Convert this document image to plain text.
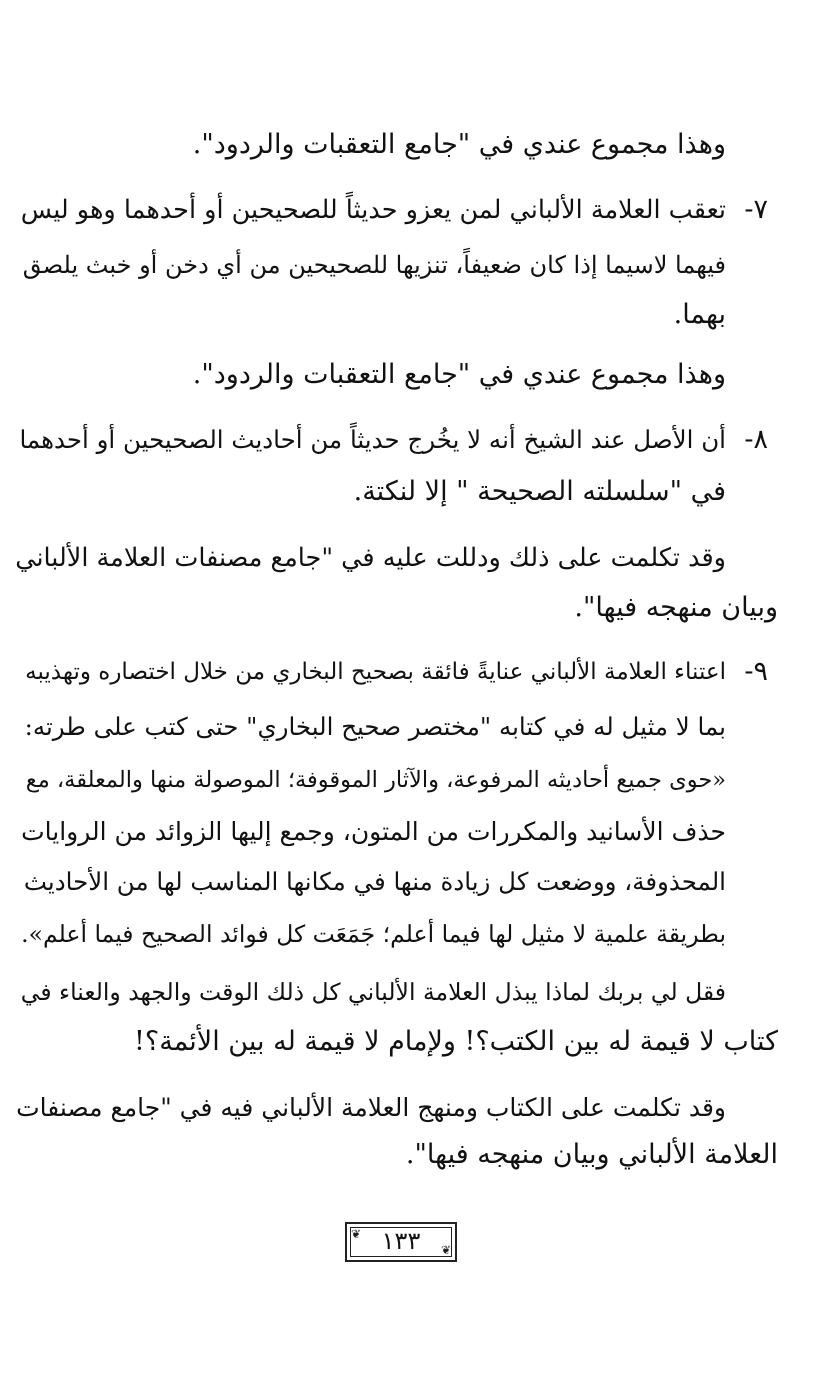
وهذا مجموع عندي في "جامع التعقبات والردود".
٧-
تعقب العلامة الألباني لمن يعزو حديثاً للصحيحين أو أحدهما وهو ليس
فيهما لاسيما إذا كان ضعيفاً، تنزيها للصحيحين من أي دخن أو خبث يلصق
بهما.
وهذا مجموع عندي في "جامع التعقبات والردود".
٨-
أن الأصل عند الشيخ أنه لا يخُرج حديثاً من أحاديث الصحيحين أو أحدهما
في "سلسلته الصحيحة " إلا لنكتة.
وقد تكلمت على ذلك ودللت عليه في "جامع مصنفات العلامة الألباني
وبيان منهجه فيها".
٩-
اعتناء العلامة الألباني عنايةً فائقة بصحيح البخاري من خلال اختصاره وتهذيبه
بما لا مثيل له في كتابه "مختصر صحيح البخاري" حتى كتب على طرته:
«حوى جميع أحاديثه المرفوعة، والآثار الموقوفة؛ الموصولة منها والمعلقة، مع
حذف الأسانيد والمكررات من المتون، وجمع إليها الزوائد من الروايات
المحذوفة، ووضعت كل زيادة منها في مكانها المناسب لها من الأحاديث
بطريقة علمية لا مثيل لها فيما أعلم؛ جَمَعَت كل فوائد الصحيح فيما أعلم».
فقل لي بربك لماذا يبذل العلامة الألباني كل ذلك الوقت والجهد والعناء في
كتاب لا قيمة له بين الكتب؟! ولإمام لا قيمة له بين الأئمة؟!
وقد تكلمت على الكتاب ومنهج العلامة الألباني فيه في "جامع مصنفات
العلامة الألباني وبيان منهجه فيها".
❦
❦
١٣٣
